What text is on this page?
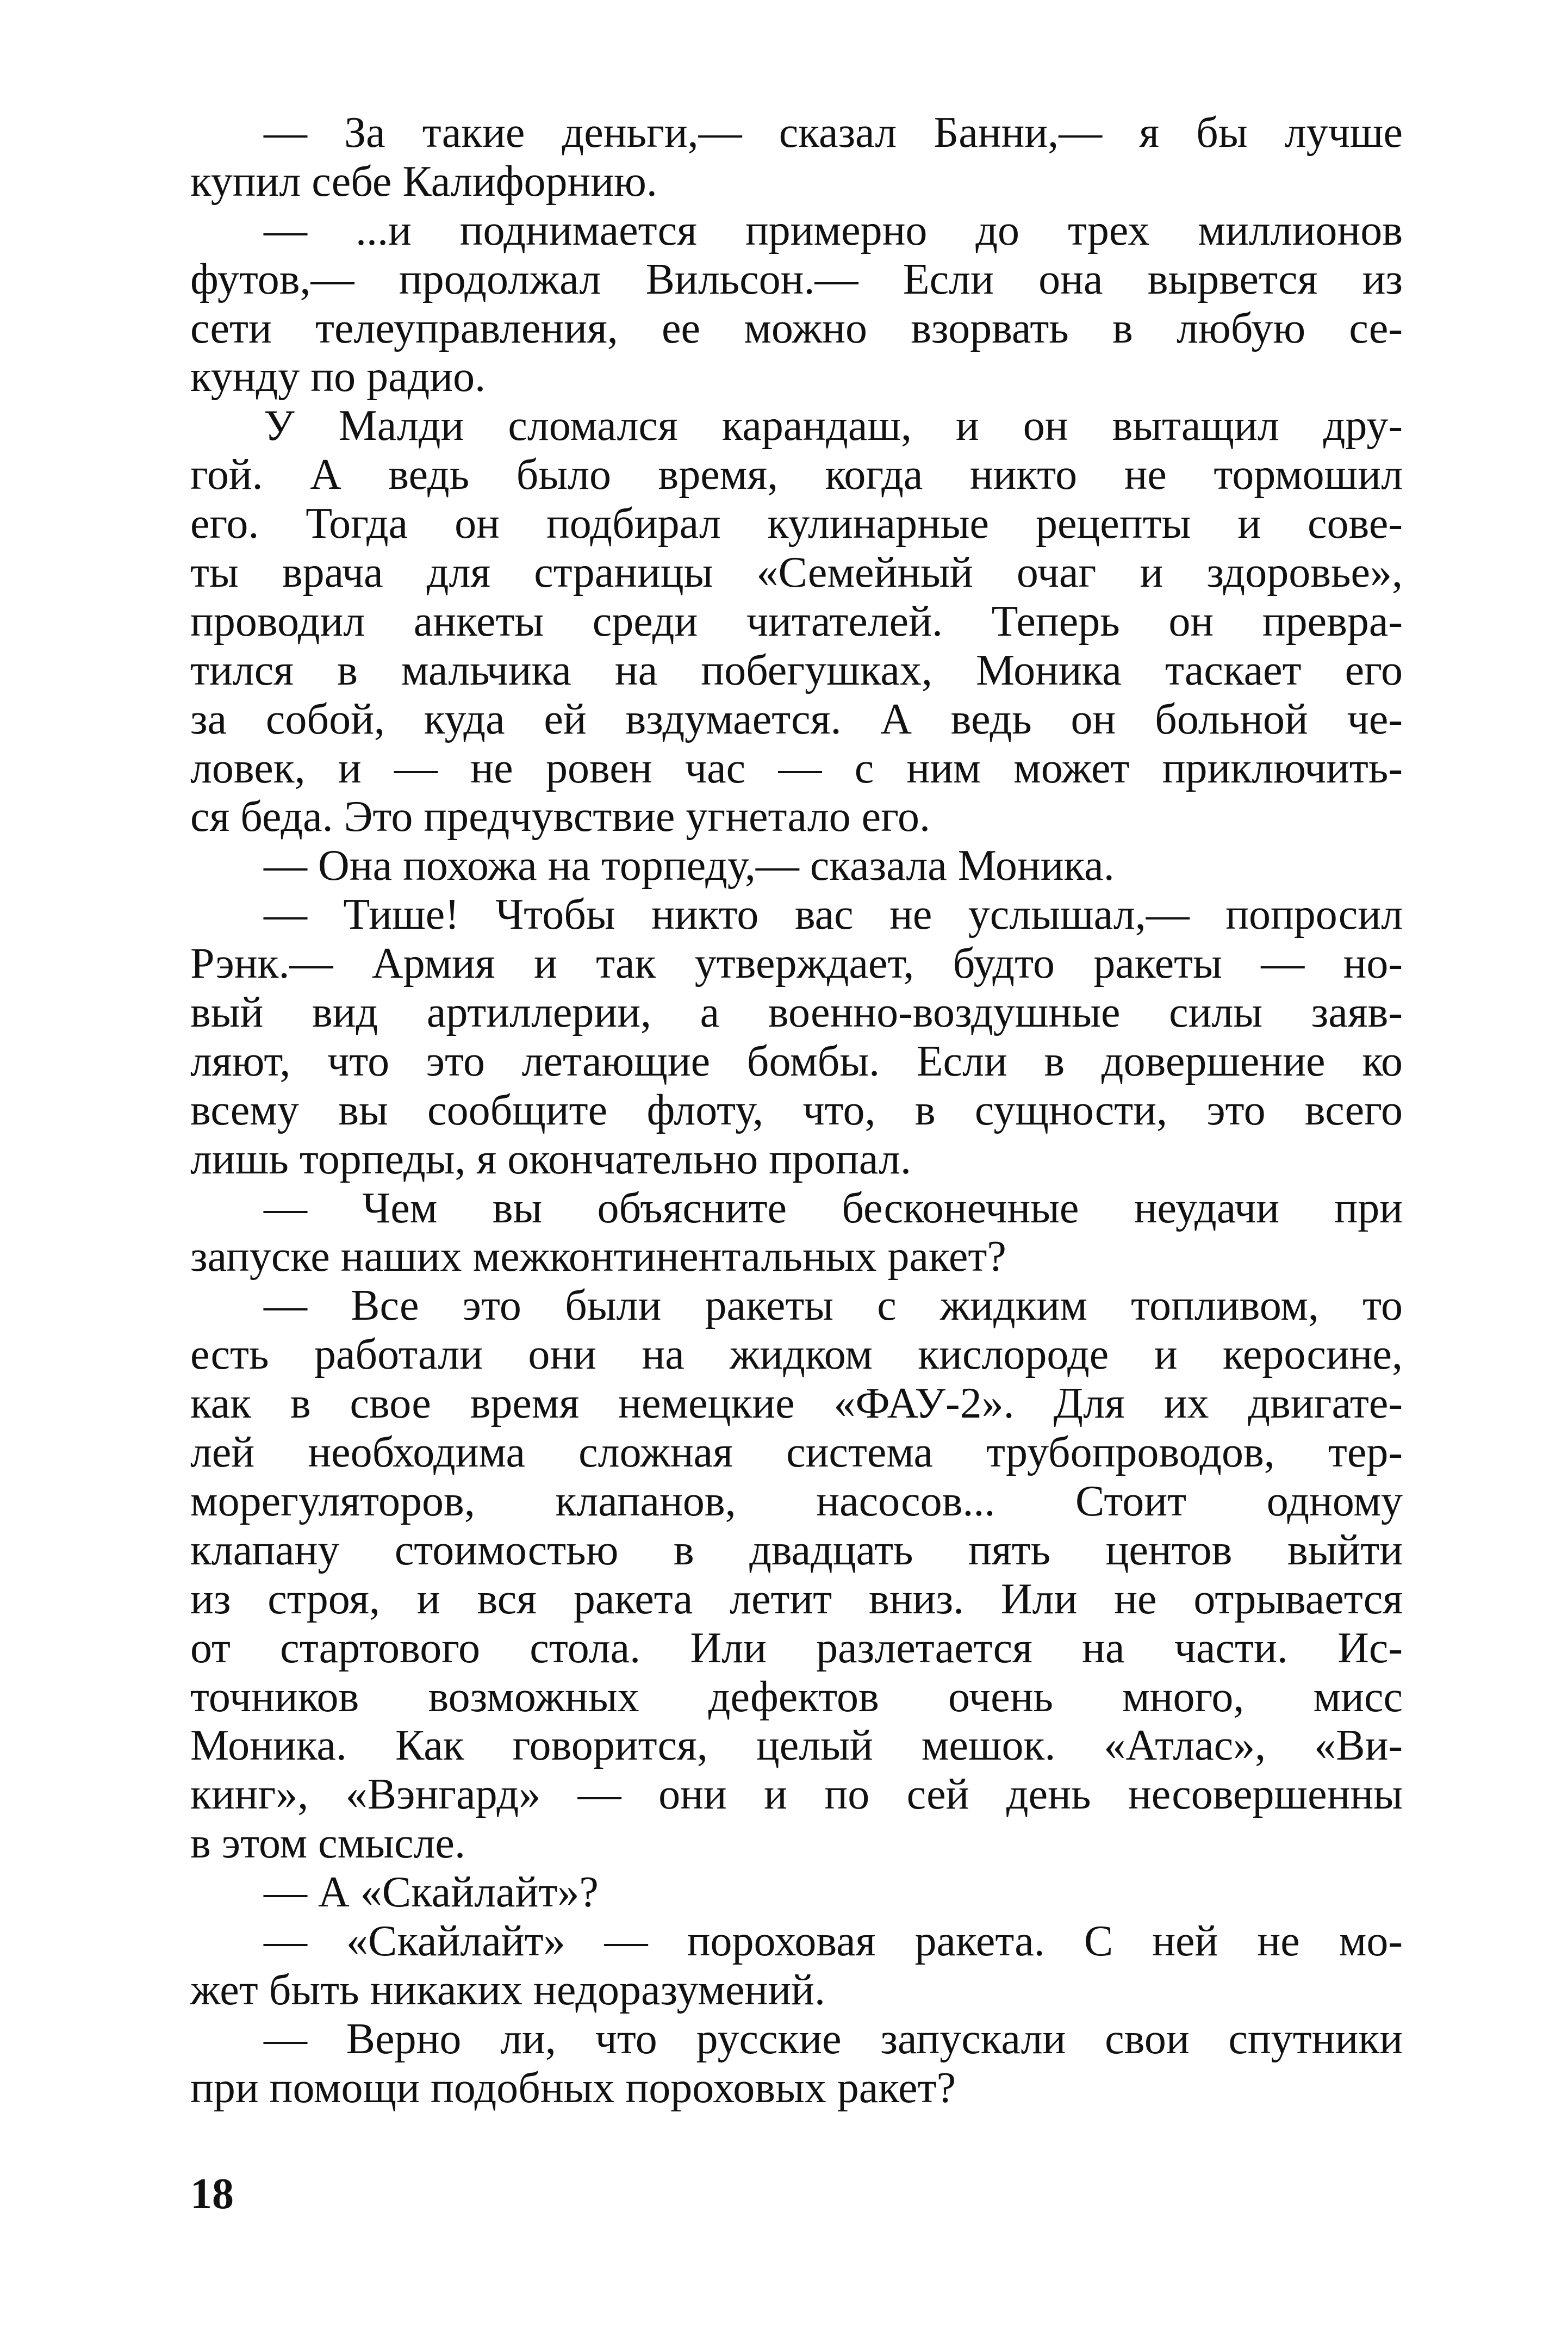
— За такие деньги,— сказал Банни,— я бы лучше
купил себе Калифорнию.
— ...и поднимается примерно до трех миллионов
футов,— продолжал Вильсон.— Если она вырвется из
сети телеуправления, ее можно взорвать в любую се-
кунду по радио.
У Малди сломался карандаш, и он вытащил дру-
гой. А ведь было время, когда никто не тормошил
его. Тогда он подбирал кулинарные рецепты и сове-
ты врача для страницы «Семейный очаг и здоровье»,
проводил анкеты среди читателей. Теперь он превра-
тился в мальчика на побегушках, Моника таскает его
за собой, куда ей вздумается. А ведь он больной че-
ловек, и — не ровен час — с ним может приключить-
ся беда. Это предчувствие угнетало его.
— Она похожа на торпеду,— сказала Моника.
— Тише! Чтобы никто вас не услышал,— попросил
Рэнк.— Армия и так утверждает, будто ракеты — но-
вый вид артиллерии, а военно-воздушные силы заяв-
ляют, что это летающие бомбы. Если в довершение ко
всему вы сообщите флоту, что, в сущности, это всего
лишь торпеды, я окончательно пропал.
— Чем вы объясните бесконечные неудачи при
запуске наших межконтинентальных ракет?
— Все это были ракеты с жидким топливом, то
есть работали они на жидком кислороде и керосине,
как в свое время немецкие «ФАУ-2». Для их двигате-
лей необходима сложная система трубопроводов, тер-
морегуляторов, клапанов, насосов... Стоит одному
клапану стоимостью в двадцать пять центов выйти
из строя, и вся ракета летит вниз. Или не отрывается
от стартового стола. Или разлетается на части. Ис-
точников возможных дефектов очень много, мисс
Моника. Как говорится, целый мешок. «Атлас», «Ви-
кинг», «Вэнгард» — они и по сей день несовершенны
в этом смысле.
— А «Скайлайт»?
— «Скайлайт» — пороховая ракета. С ней не мо-
жет быть никаких недоразумений.
— Верно ли, что русские запускали свои спутники
при помощи подобных пороховых ракет?
18
